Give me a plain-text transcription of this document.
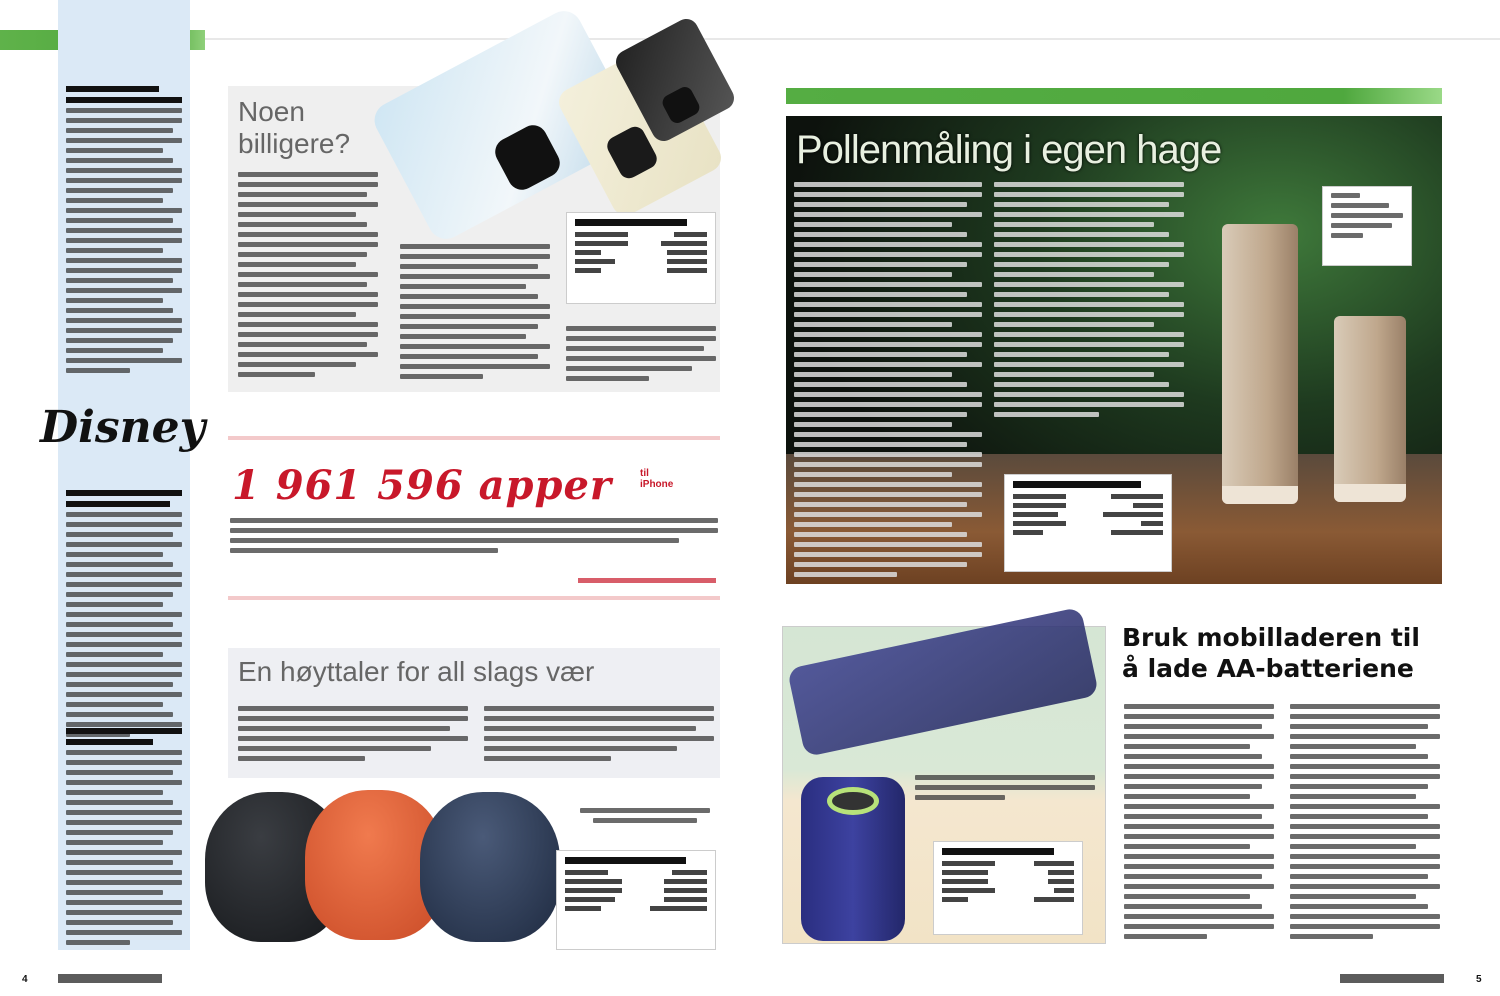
Disney
Noen
billigere?
1 961 596 apper	til
iPhone
En høyttaler for all slags vær
4
Pollenmåling i egen hage
Bruk mobilladeren til
å lade AA-batteriene
5
